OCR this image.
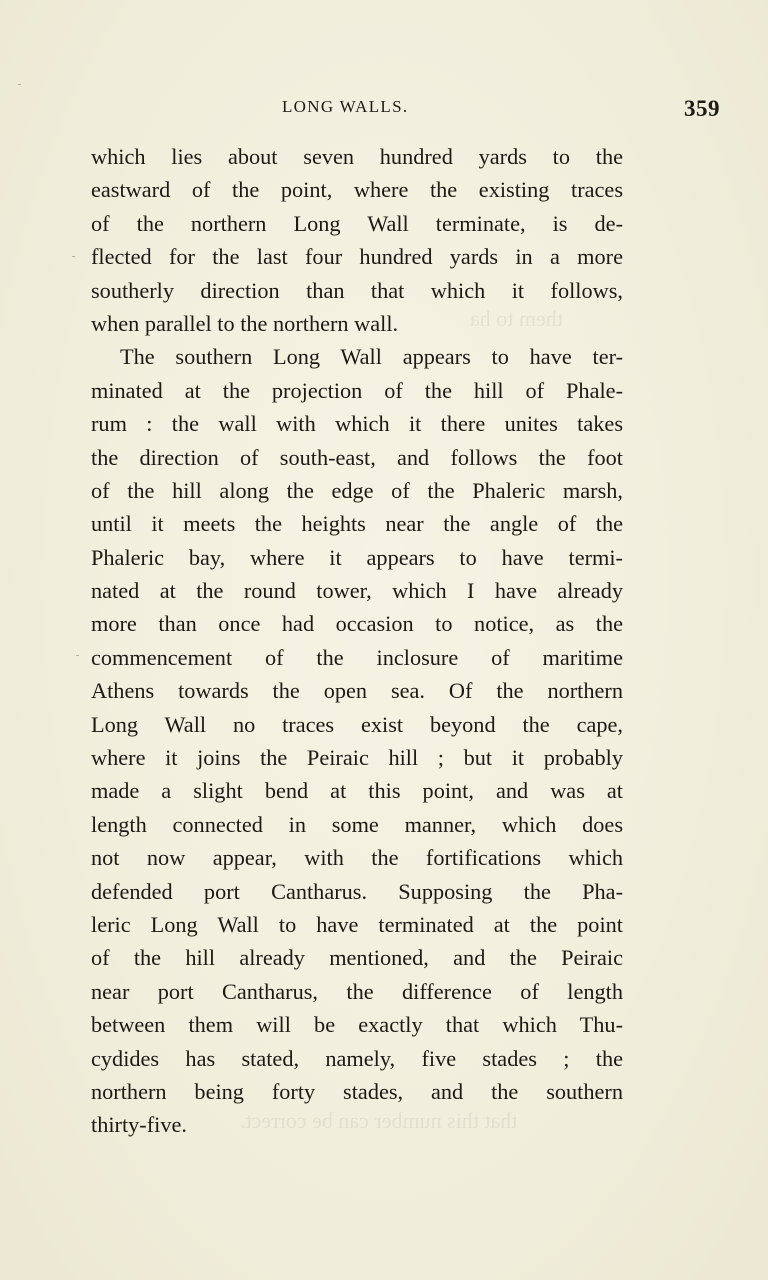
LONG WALLS.	359
them to ha
that this number can be correct.
which lies about seven hundred yards to the
eastward of the point, where the existing traces
of the northern Long Wall terminate, is de-
flected for the last four hundred yards in a more
southerly direction than that which it follows,
when parallel to the northern wall.
The southern Long Wall appears to have ter-
minated at the projection of the hill of Phale-
rum : the wall with which it there unites takes
the direction of south-east, and follows the foot
of the hill along the edge of the Phaleric marsh,
until it meets the heights near the angle of the
Phaleric bay, where it appears to have termi-
nated at the round tower, which I have already
more than once had occasion to notice, as the
commencement of the inclosure of maritime
Athens towards the open sea. Of the northern
Long Wall no traces exist beyond the cape,
where it joins the Peiraic hill ; but it probably
made a slight bend at this point, and was at
length connected in some manner, which does
not now appear, with the fortifications which
defended port Cantharus. Supposing the Pha-
leric Long Wall to have terminated at the point
of the hill already mentioned, and the Peiraic
near port Cantharus, the difference of length
between them will be exactly that which Thu-
cydides has stated, namely, five stades ; the
northern being forty stades, and the southern
thirty-five.
